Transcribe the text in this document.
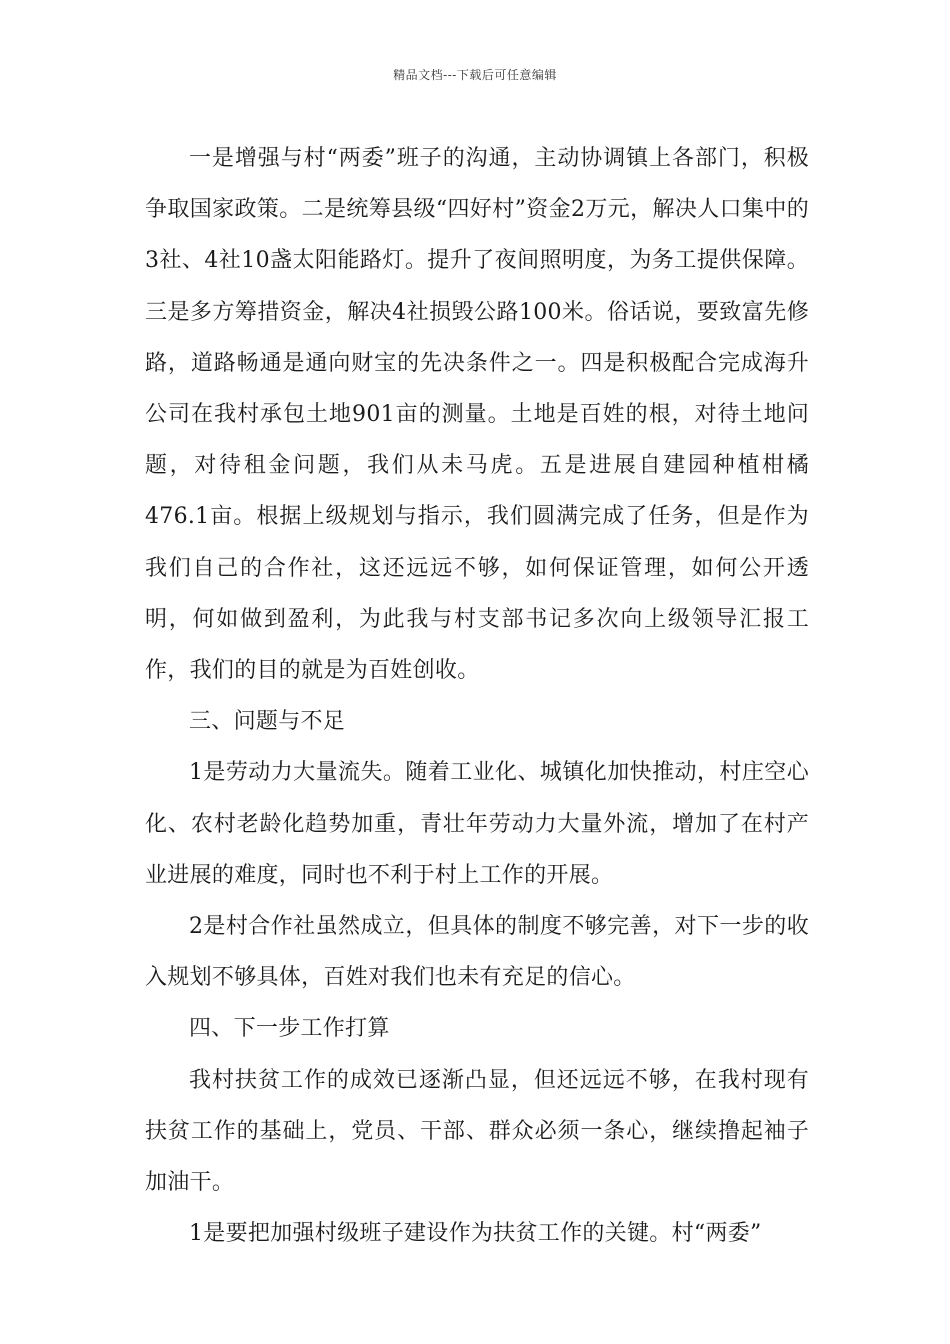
精品文档---下载后可任意编辑

一是增强与村“两委”班子的沟通，主动协调镇上各部门，积极争取国家政策。二是统筹县级“四好村”资金2万元，解决人口集中的3社、4社10盏太阳能路灯。提升了夜间照明度，为务工提供保障。三是多方筹措资金，解决4社损毁公路100米。俗话说，要致富先修路，道路畅通是通向财宝的先决条件之一。四是积极配合完成海升公司在我村承包土地901亩的测量。土地是百姓的根，对待土地问题，对待租金问题，我们从未马虎。五是进展自建园种植柑橘476.1亩。根据上级规划与指示，我们圆满完成了任务，但是作为我们自己的合作社，这还远远不够，如何保证管理，如何公开透明，何如做到盈利，为此我与村支部书记多次向上级领导汇报工作，我们的目的就是为百姓创收。

三、问题与不足

1是劳动力大量流失。随着工业化、城镇化加快推动，村庄空心化、农村老龄化趋势加重，青壮年劳动力大量外流，增加了在村产业进展的难度，同时也不利于村上工作的开展。

2是村合作社虽然成立，但具体的制度不够完善，对下一步的收入规划不够具体，百姓对我们也未有充足的信心。

四、下一步工作打算

我村扶贫工作的成效已逐渐凸显，但还远远不够，在我村现有扶贫工作的基础上，党员、干部、群众必须一条心，继续撸起袖子加油干。

1是要把加强村级班子建设作为扶贫工作的关键。村“两委”
